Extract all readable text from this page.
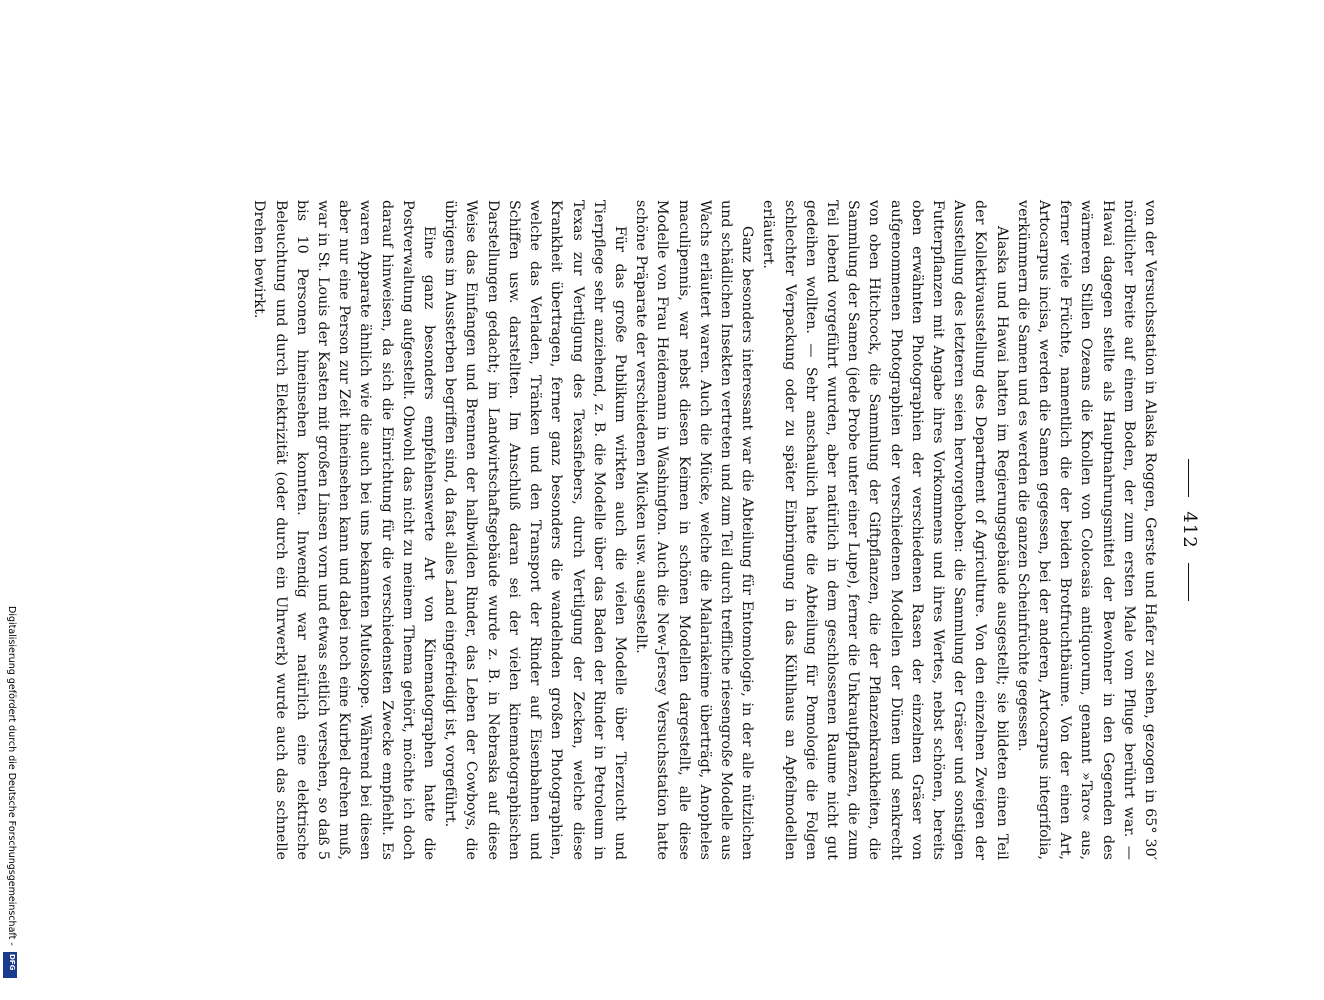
412

von der Versuchsstation in Alaska Roggen, Gerste und Hafer zu sehen, gezogen in 65° 30′ nördlicher Breite auf einem Boden, der zum ersten Male vom Pfluge berührt war. — Hawai dagegen stellte als Hauptnahrungsmittel der Bewohner in den Gegenden des wärmeren Stillen Ozeans die Knollen von Colocasia antiquorum, genannt »Taro« aus, ferner viele Früchte, namentlich die der beiden Brotfruchtbäume. Von der einen Art, Artocarpus incisa, werden die Samen gegessen, bei der anderen, Artocarpus integrifolia, verkümmern die Samen und es werden die ganzen Scheinfrüchte gegessen.

Alaska und Hawai hatten im Regierungsgebäude ausgestellt; sie bildeten einen Teil der Kollektivausstellung des Department of Agriculture. Von den einzelnen Zweigen der Ausstellung des letzteren seien hervorgehoben: die Sammlung der Gräser und sonstigen Futterpflanzen mit Angabe ihres Vorkommens und ihres Wertes, nebst schönen, bereits oben erwähnten Photographien der verschiedenen Rasen der einzelnen Gräser von aufgenommenen Photographien der verschiedenen Modellen der Dünen und senkrecht von oben Hitchcock, die Sammlung der Giftpflanzen, die der Pflanzenkrankheiten, die Sammlung der Samen (jede Probe unter einer Lupe), ferner die Unkrautpflanzen, die zum Teil lebend vorgeführt wurden, aber natürlich in dem geschlossenen Raume nicht gut gedeihen wollten. — Sehr anschaulich hatte die Abteilung für Pomologie die Folgen schlechter Verpackung oder zu später Einbringung in das Kühlhaus an Apfelmodellen erläutert.

Ganz besonders interessant war die Abteilung für Entomologie, in der alle nützlichen und schädlichen Insekten vertreten und zum Teil durch treffliche riesengroße Modelle aus Wachs erläutert waren. Auch die Mücke, welche die Malariakeime überträgt, Anopheles maculipennis, war nebst diesen Keimen in schönen Modellen dargestellt, alle diese Modelle von Frau Heidemann in Washington. Auch die New-Jersey Versuchsstation hatte schöne Präparate der verschiedenen Mücken usw. ausgestellt.

Für das große Publikum wirkten auch die vielen Modelle über Tierzucht und Tierpflege sehr anziehend, z. B. die Modelle über das Baden der Rinder in Petroleum in Texas zur Vertilgung des Texasfiebers, durch Vertilgung der Zecken, welche diese Krankheit übertragen, ferner ganz besonders die wandelnden großen Photographien, welche das Verladen, Tränken und den Transport der Rinder auf Eisenbahnen und Schiffen usw. darstellten. Im Anschluß daran sei der vielen kinematographischen Darstellungen gedacht; im Landwirtschaftsgebäude wurde z. B. in Nebraska auf diese Weise das Einfangen und Brennen der halbwilden Rinder, das Leben der Cowboys, die übrigens im Aussterben begriffen sind, da fast alles Land eingefriedigt ist, vorgeführt.

Eine ganz besonders empfehlenswerte Art von Kinematographen hatte die Postverwaltung aufgestellt. Obwohl das nicht zu meinem Thema gehört, möchte ich doch darauf hinweisen, da sich die Einrichtung für die verschiedensten Zwecke empfiehlt. Es waren Apparate ähnlich wie die auch bei uns bekannten Mutoskope. Während bei diesen aber nur eine Person zur Zeit hineinsehen kann und dabei noch eine Kurbel drehen muß, war in St. Louis der Kasten mit großen Linsen vorn und etwas seitlich versehen, so daß 5 bis 10 Personen hineinsehen konnten. Inwendig war natürlich eine elektrische Beleuchtung und durch Elektrizität (oder durch ein Uhrwerk) wurde auch das schnelle Drehen bewirkt.

Digitalisierung gefördert durch die Deutsche Forschungsgemeinschaft -
DFG
